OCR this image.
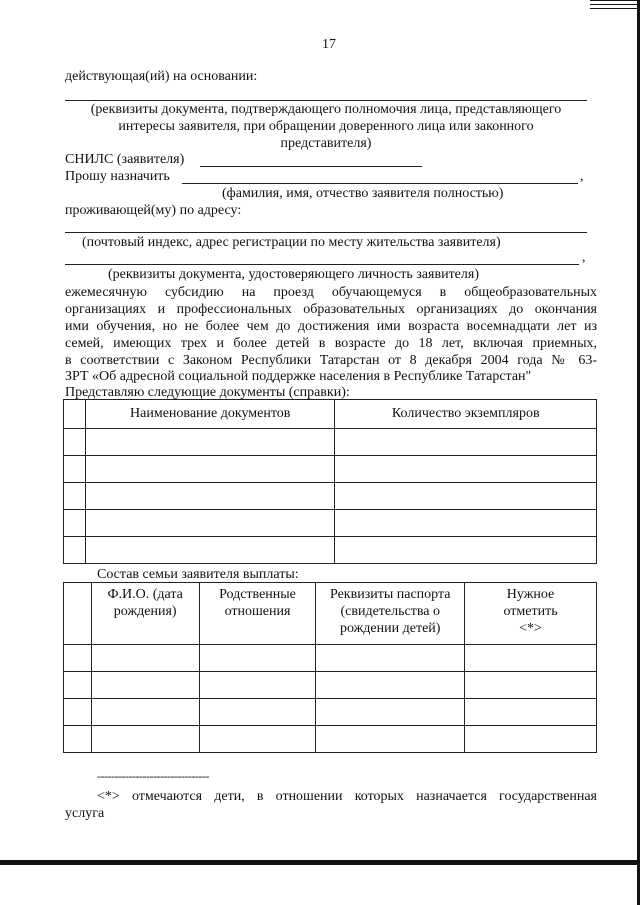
17
действующая(ий) на основании:
(реквизиты документа, подтверждающего полномочия лица, представляющего
интересы заявителя, при обращении доверенного лица или законного
представителя)
СНИЛС (заявителя)
Прошу назначить	,
(фамилия, имя, отчество заявителя полностью)
проживающей(му) по адресу:
(почтовый индекс, адрес регистрации по месту жительства заявителя)
,
(реквизиты документа, удостоверяющего личность заявителя)
ежемесячную субсидию на проезд обучающемуся в общеобразовательных
организациях и профессиональных образовательных организациях до окончания
ими обучения, но не более чем до достижения ими возраста восемнадцати лет из
семей, имеющих трех и более детей в возрасте до 18 лет, включая приемных,
в соответствии с Законом Республики Татарстан от 8 декабря 2004 года № 63-
ЗРТ «Об адресной социальной поддержке населения в Республике Татарстан"
Представляю следующие документы (справки):
	Наименование документов	Количество экземпляров

Состав семьи заявителя выплаты:
	Ф.И.О. (дата рождения)	Родственные отношения	Реквизиты паспорта (свидетельства о рождении детей)	Нужное отметить <*>

--------------------------------
<*> отмечаются дети, в отношении которых назначается государственная
услуга
